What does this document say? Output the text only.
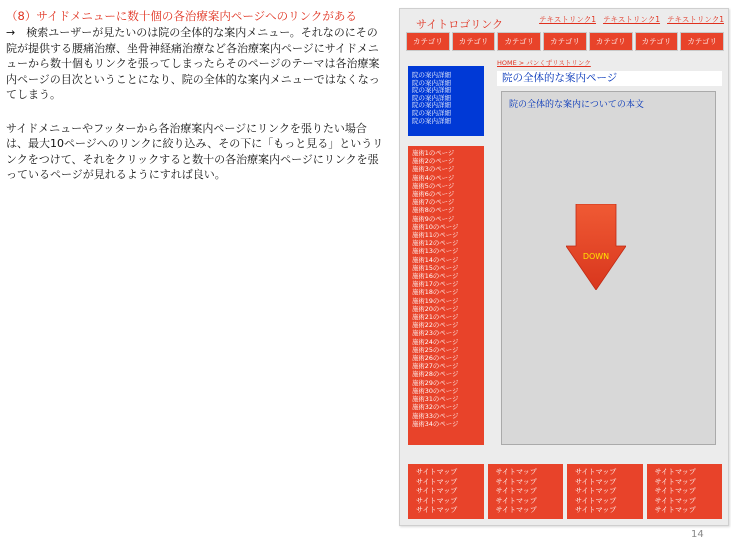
（8）サイドメニューに数十個の各治療案内ページへのリンクがある

→　検索ユーザーが見たいのは院の全体的な案内メニュー。それなのにその院が提供する腰痛治療、坐骨神経痛治療など各治療案内ページにサイドメニューから数十個もリンクを張ってしまったらそのページのテーマは各治療案内ページの目次ということになり、院の全体的な案内メニューではなくなってしまう。

サイドメニューやフッターから各治療案内ページにリンクを張りたい場合は、最大10ページへのリンクに絞り込み、その下に「もっと見る」というリンクをつけて、それをクリックすると数十の各治療案内ページにリンクを張っているページが見れるようにすれば良い。

サイトロゴリンク	テキストリンク1 テキストリンク1 テキストリンク1
カテゴリ	カテゴリ	カテゴリ	カテゴリ	カテゴリ	カテゴリ	カテゴリ
HOME > パンくずリストリンク
院の案内詳細
院の案内詳細
院の案内詳細
院の案内詳細
院の案内詳細
院の案内詳細
院の案内詳細
施術1のページ
施術2のページ
施術3のページ
施術4のページ
施術5のページ
施術6のページ
施術7のページ
施術8のページ
施術9のページ
施術10のページ
施術11のページ
施術12のページ
施術13のページ
施術14のページ
施術15のページ
施術16のページ
施術17のページ
施術18のページ
施術19のページ
施術20のページ
施術21のページ
施術22のページ
施術23のページ
施術24のページ
施術25のページ
施術26のページ
施術27のページ
施術28のページ
施術29のページ
施術30のページ
施術31のページ
施術32のページ
施術33のページ
施術34のページ
院の全体的な案内ページ
院の全体的な案内についての本文
DOWN
サイトマップ
サイトマップ
サイトマップ
サイトマップ
サイトマップ
サイトマップ
サイトマップ
サイトマップ
サイトマップ
サイトマップ
サイトマップ
サイトマップ
サイトマップ
サイトマップ
サイトマップ
サイトマップ
サイトマップ
サイトマップ
サイトマップ
サイトマップ
14
